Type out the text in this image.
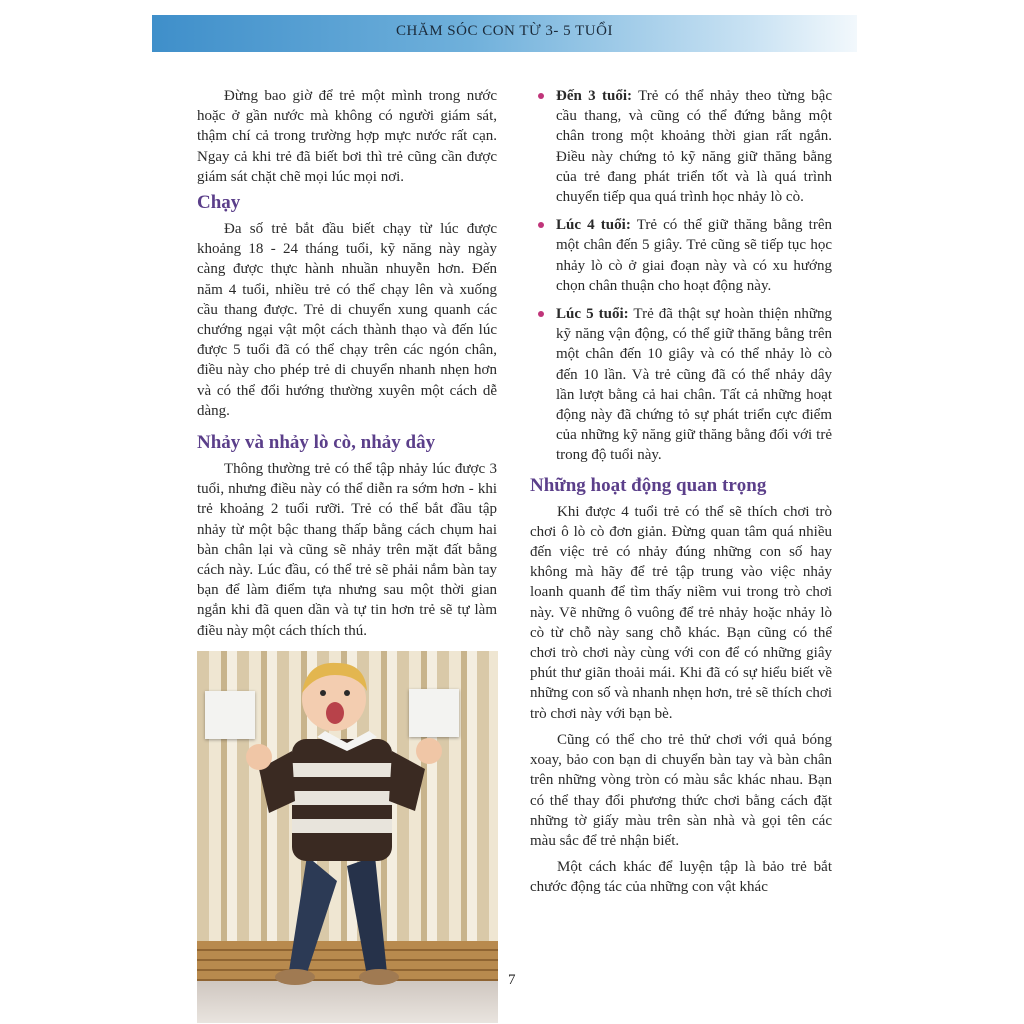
CHĂM SÓC CON TỪ 3- 5 TUỔI

Đừng bao giờ để trẻ một mình trong nước hoặc ở gần nước mà không có người giám sát, thậm chí cả trong trường hợp mực nước rất cạn. Ngay cả khi trẻ đã biết bơi thì trẻ cũng cần được giám sát chặt chẽ mọi lúc mọi nơi.

Chạy

Đa số trẻ bắt đầu biết chạy từ lúc được khoảng 18 - 24 tháng tuổi, kỹ năng này ngày càng được thực hành nhuần nhuyễn hơn. Đến năm 4 tuổi, nhiều trẻ có thể chạy lên và xuống cầu thang được. Trẻ di chuyển xung quanh các chướng ngại vật một cách thành thạo và đến lúc được 5 tuổi đã có thể chạy trên các ngón chân, điều này cho phép trẻ di chuyển nhanh nhẹn hơn và có thể đổi hướng thường xuyên một cách dễ dàng.

Nhảy và nhảy lò cò, nhảy dây

Thông thường trẻ có thể tập nhảy lúc được 3 tuổi, nhưng điều này có thể diễn ra sớm hơn - khi trẻ khoảng 2 tuổi rưỡi. Trẻ có thể bắt đầu tập nhảy từ một bậc thang thấp bằng cách chụm hai bàn chân lại và cũng sẽ nhảy trên mặt đất bằng cách này. Lúc đầu, có thể trẻ sẽ phải nắm bàn tay bạn để làm điểm tựa nhưng sau một thời gian ngắn khi đã quen dần và tự tin hơn trẻ sẽ tự làm điều này một cách thích thú.

Đến 3 tuổi: Trẻ có thể nhảy theo từng bậc cầu thang, và cũng có thể đứng bằng một chân trong một khoảng thời gian rất ngắn. Điều này chứng tỏ kỹ năng giữ thăng bằng của trẻ đang phát triển tốt và là quá trình chuyển tiếp qua quá trình học nhảy lò cò.
Lúc 4 tuổi: Trẻ có thể giữ thăng bằng trên một chân đến 5 giây. Trẻ cũng sẽ tiếp tục học nhảy lò cò ở giai đoạn này và có xu hướng chọn chân thuận cho hoạt động này.
Lúc 5 tuổi: Trẻ đã thật sự hoàn thiện những kỹ năng vận động, có thể giữ thăng bằng trên một chân đến 10 giây và có thể nhảy lò cò đến 10 lần. Và trẻ cũng đã có thể nhảy dây lần lượt bằng cả hai chân. Tất cả những hoạt động này đã chứng tỏ sự phát triển cực điểm của những kỹ năng giữ thăng bằng đối với trẻ trong độ tuổi này.
Những hoạt động quan trọng

Khi được 4 tuổi trẻ có thể sẽ thích chơi trò chơi ô lò cò đơn giản. Đừng quan tâm quá nhiều đến việc trẻ có nhảy đúng những con số hay không mà hãy để trẻ tập trung vào việc nhảy loanh quanh để tìm thấy niềm vui trong trò chơi này. Vẽ những ô vuông để trẻ nhảy hoặc nhảy lò cò từ chỗ này sang chỗ khác. Bạn cũng có thể chơi trò chơi này cùng với con để có những giây phút thư giãn thoải mái. Khi đã có sự hiểu biết về những con số và nhanh nhẹn hơn, trẻ sẽ thích chơi trò chơi này với bạn bè.

Cũng có thể cho trẻ thử chơi với quả bóng xoay, bảo con bạn di chuyển bàn tay và bàn chân trên những vòng tròn có màu sắc khác nhau. Bạn có thể thay đổi phương thức chơi bằng cách đặt những tờ giấy màu trên sàn nhà và gọi tên các màu sắc để trẻ nhận biết.

Một cách khác để luyện tập là bảo trẻ bắt chước động tác của những con vật khác

7
